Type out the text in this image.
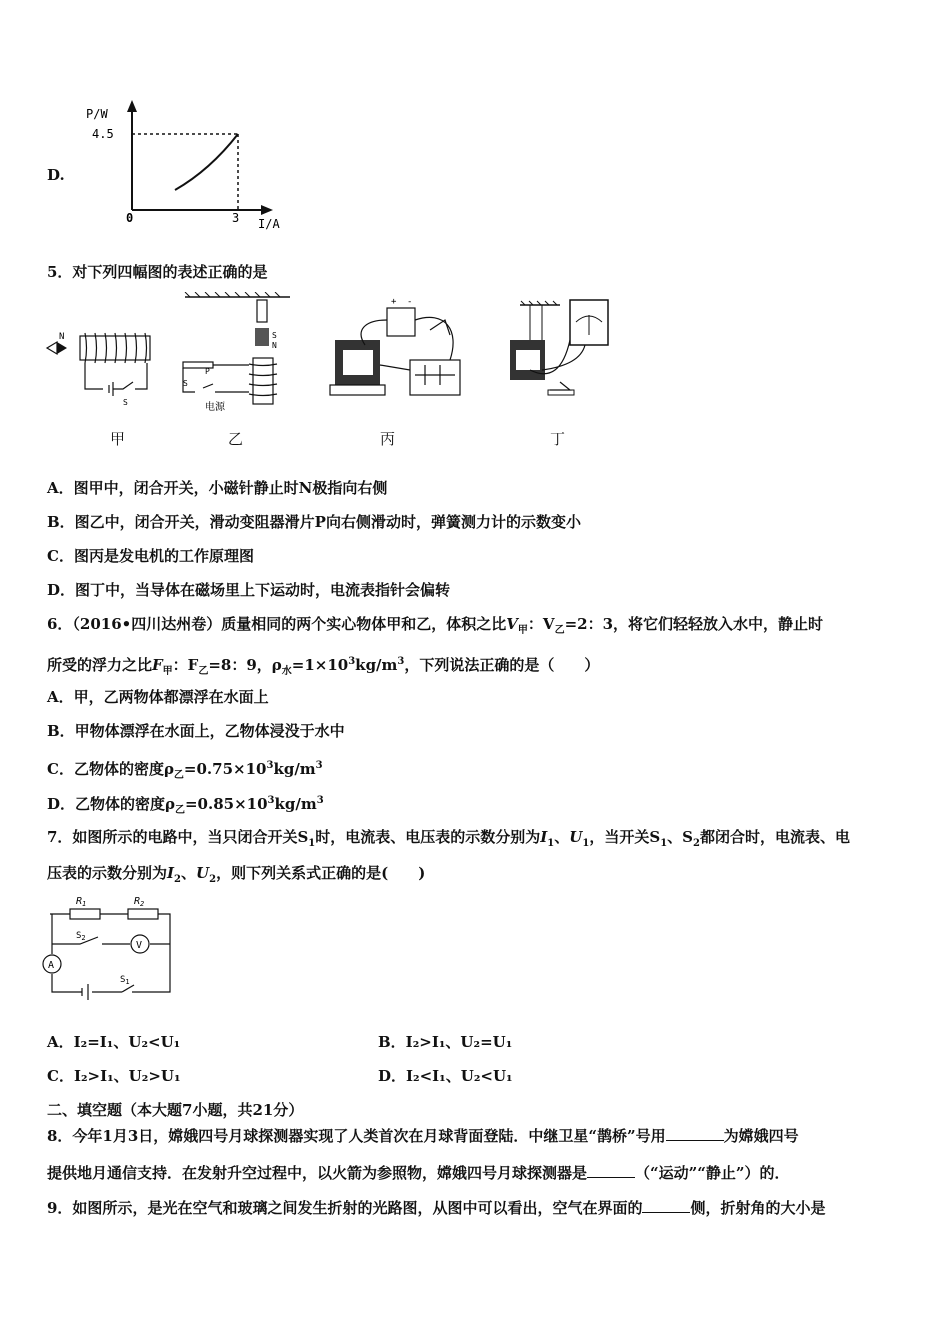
D.
P/W
4.5
0	3 I/A
5．对下列四幅图的表述正确的是
N
S
甲
S
N
P
S
电源
乙
+ -
丙	丁
A．图甲中，闭合开关，小磁针静止时N极指向右侧
B．图乙中，闭合开关，滑动变阻器滑片P向右侧滑动时，弹簧测力计的示数变小
C．图丙是发电机的工作原理图
D．图丁中，当导体在磁场里上下运动时，电流表指针会偏转
6．（2016•四川达州卷）质量相同的两个实心物体甲和乙，体积之比$V_甲$：$V_乙=2$：3，将它们轻轻放入水中，静止时
所受的浮力之比$F_甲$：$F_乙=8$：9，$\rho_水=1\times 10^3kg/m^3$，下列说法正确的是（　　）
A．甲，乙两物体都漂浮在水面上
B．甲物体漂浮在水面上，乙物体浸没于水中
C．乙物体的密度$\rho_乙=0.75\times 10^3kg/m^3$
D．乙物体的密度$\rho_乙=0.85\times 10^3kg/m^3$
7．如图所示的电路中，当只闭合开关$S_1$时，电流表、电压表的示数分别为$I_1$、$U_1$，当开关$S_1$、$S_2$都闭合时，电流表、电
压表的示数分别为$I_2$、$U_2$，则下列关系式正确的是(　　)
$R_1$	$R_2$
$S_2$
V
A
$S_1$
A．I₂=I₁、U₂<U₁	B．I₂>I₁、U₂=U₁
C．I₂>I₁、U₂>U₁	D．I₂<I₁、U₂<U₁
二、填空题（本大题7小题，共21分）
8．今年1月3日，嫦娥四号月球探测器实现了人类首次在月球背面登陆．中继卫星“鹊桥”号用	为嫦娥四号
提供地月通信支持．在发射升空过程中，以火箭为参照物，嫦娥四号月球探测器是	（“运动”“静止”）的．
9．如图所示，是光在空气和玻璃之间发生折射的光路图，从图中可以看出，空气在界面的	侧，折射角的大小是
